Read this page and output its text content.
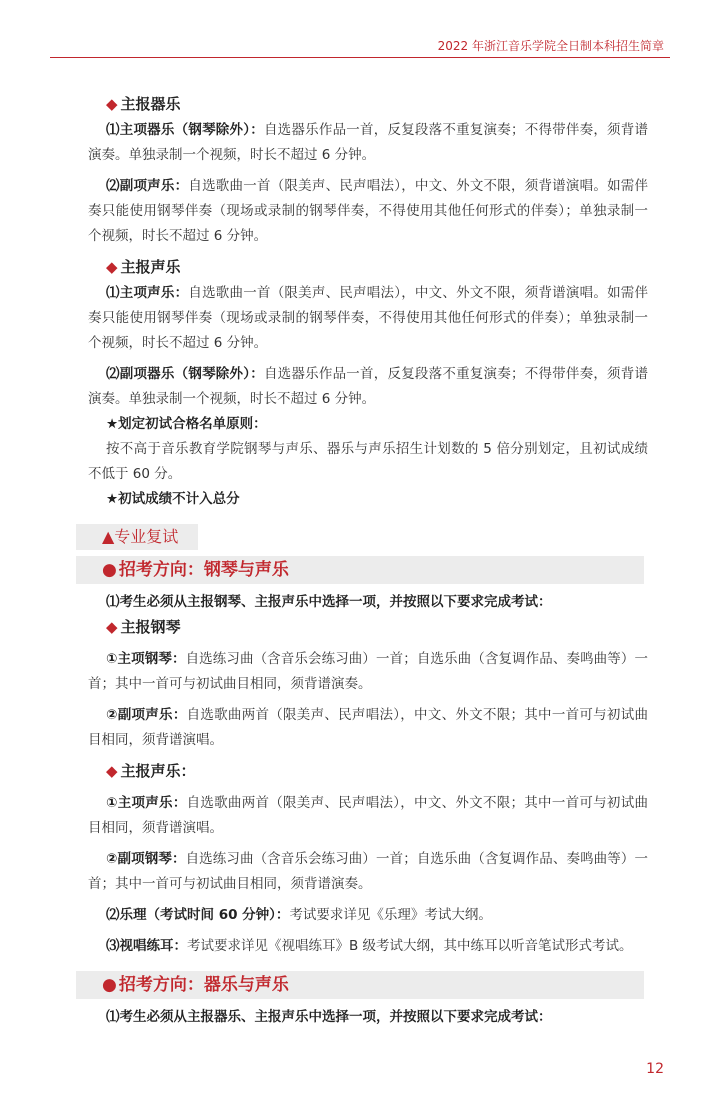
2022 年浙江音乐学院全日制本科招生简章
◆ 主报器乐

⑴主项器乐（钢琴除外）：自选器乐作品一首，反复段落不重复演奏；不得带伴奏，须背谱演奏。单独录制一个视频，时长不超过 6 分钟。

⑵副项声乐：自选歌曲一首（限美声、民声唱法），中文、外文不限，须背谱演唱。如需伴奏只能使用钢琴伴奏（现场或录制的钢琴伴奏，不得使用其他任何形式的伴奏）；单独录制一个视频，时长不超过 6 分钟。

◆ 主报声乐

⑴主项声乐：自选歌曲一首（限美声、民声唱法），中文、外文不限，须背谱演唱。如需伴奏只能使用钢琴伴奏（现场或录制的钢琴伴奏，不得使用其他任何形式的伴奏）；单独录制一个视频，时长不超过 6 分钟。

⑵副项器乐（钢琴除外）：自选器乐作品一首，反复段落不重复演奏；不得带伴奏，须背谱演奏。单独录制一个视频，时长不超过 6 分钟。

★划定初试合格名单原则：

按不高于音乐教育学院钢琴与声乐、器乐与声乐招生计划数的 5 倍分别划定，且初试成绩不低于 60 分。

★初试成绩不计入总分

▲专业复试
● 招考方向：钢琴与声乐

⑴考生必须从主报钢琴、主报声乐中选择一项，并按照以下要求完成考试：

◆ 主报钢琴

①主项钢琴：自选练习曲（含音乐会练习曲）一首；自选乐曲（含复调作品、奏鸣曲等）一首；其中一首可与初试曲目相同，须背谱演奏。

②副项声乐：自选歌曲两首（限美声、民声唱法），中文、外文不限；其中一首可与初试曲目相同，须背谱演唱。

◆ 主报声乐：

①主项声乐：自选歌曲两首（限美声、民声唱法），中文、外文不限；其中一首可与初试曲目相同，须背谱演唱。

②副项钢琴：自选练习曲（含音乐会练习曲）一首；自选乐曲（含复调作品、奏鸣曲等）一首；其中一首可与初试曲目相同，须背谱演奏。

⑵乐理（考试时间 60 分钟）：考试要求详见《乐理》考试大纲。

⑶视唱练耳：考试要求详见《视唱练耳》B 级考试大纲，其中练耳以听音笔试形式考试。

● 招考方向：器乐与声乐

⑴考生必须从主报器乐、主报声乐中选择一项，并按照以下要求完成考试：

12
